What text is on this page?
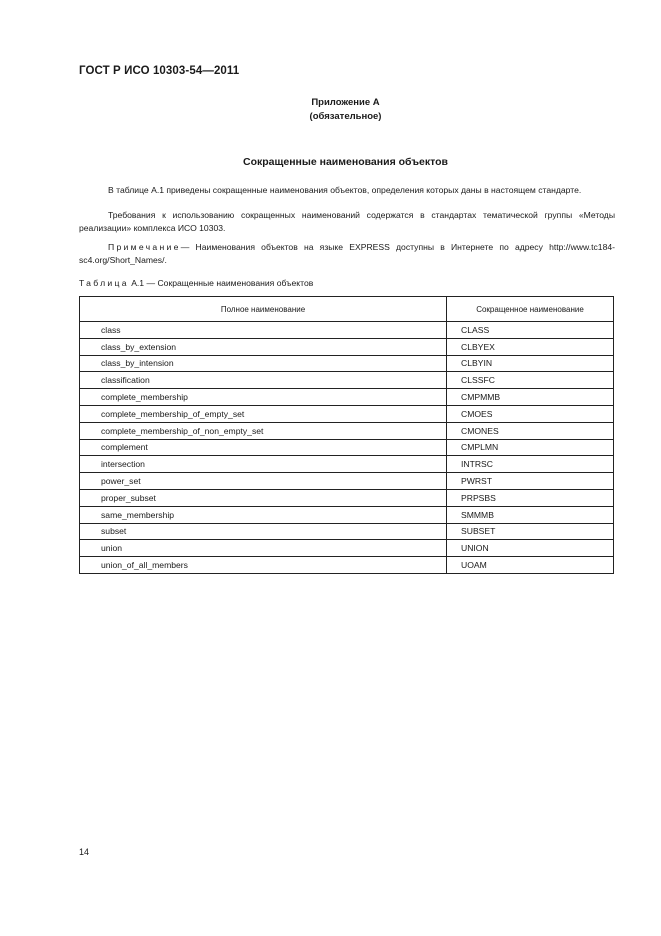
ГОСТ Р ИСО 10303-54—2011
Приложение А
(обязательное)
Сокращенные наименования объектов
В таблице А.1 приведены сокращенные наименования объектов, определения которых даны в настоящем стандарте.
Требования к использованию сокращенных наименований содержатся в стандартах тематической группы «Методы реализации» комплекса ИСО 10303.
Примечание— Наименования объектов на языке EXPRESS доступны в Интернете по адресу http://www.tc184-sc4.org/Short_Names/.
Таблица А.1 — Сокращенные наименования объектов
Полное наименование	Сокращенное наименование
class	CLASS
class_by_extension	CLBYEX
class_by_intension	CLBYIN
classification	CLSSFC
complete_membership	CMPMMB
complete_membership_of_empty_set	CMOES
complete_membership_of_non_empty_set	CMONES
complement	CMPLMN
intersection	INTRSC
power_set	PWRST
proper_subset	PRPSBS
same_membership	SMMMB
subset	SUBSET
union	UNION
union_of_all_members	UOAM
14
